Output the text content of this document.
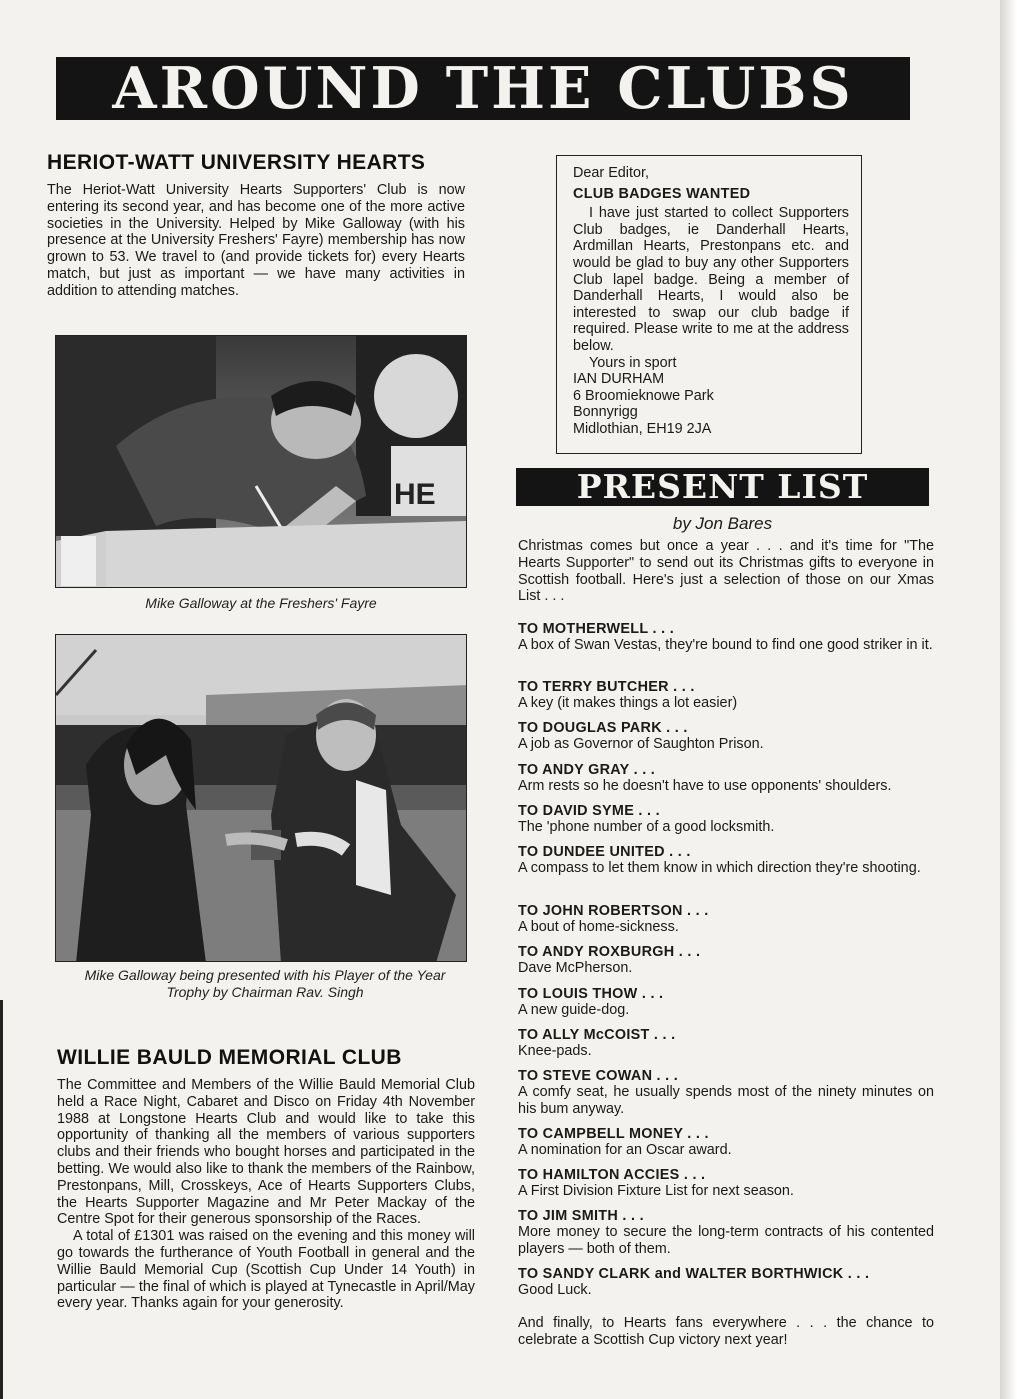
AROUND THE CLUBS
HERIOT-WATT UNIVERSITY HEARTS

The Heriot-Watt University Hearts Supporters' Club is now entering its second year, and has become one of the more active societies in the University. Helped by Mike Galloway (with his presence at the University Freshers' Fayre) membership has now grown to 53. We travel to (and provide tickets for) every Hearts match, but just as important — we have many activities in addition to attending matches.

HE
Mike Galloway at the Freshers' Fayre
Mike Galloway being presented with his Player of the Year
Trophy by Chairman Rav. Singh
WILLIE BAULD MEMORIAL CLUB

The Committee and Members of the Willie Bauld Memorial Club held a Race Night, Cabaret and Disco on Friday 4th November 1988 at Longstone Hearts Club and would like to take this opportunity of thanking all the members of various supporters clubs and their friends who bought horses and participated in the betting. We would also like to thank the members of the Rainbow, Prestonpans, Mill, Crosskeys, Ace of Hearts Supporters Clubs, the Hearts Supporter Magazine and Mr Peter Mackay of the Centre Spot for their generous sponsorship of the Races.

A total of £1301 was raised on the evening and this money will go towards the furtherance of Youth Football in general and the Willie Bauld Memorial Cup (Scottish Cup Under 14 Youth) in particular — the final of which is played at Tynecastle in April/May every year. Thanks again for your generosity.

Dear Editor,
CLUB BADGES WANTED
I have just started to collect Supporters Club badges, ie Danderhall Hearts, Ardmillan Hearts, Prestonpans etc. and would be glad to buy any other Supporters Club lapel badge. Being a member of Danderhall Hearts, I would also be interested to swap our club badge if required. Please write to me at the address below.
Yours in sport
IAN DURHAM
6 Broomieknowe Park
Bonnyrigg
Midlothian, EH19 2JA
PRESENT LIST
by Jon Bares
Christmas comes but once a year . . . and it's time for "The Hearts Supporter" to send out its Christmas gifts to everyone in Scottish football. Here's just a selection of those on our Xmas List . . .
TO MOTHERWELL . . .
A box of Swan Vestas, they're bound to find one good striker in it.
TO TERRY BUTCHER . . .
A key (it makes things a lot easier)
TO DOUGLAS PARK . . .
A job as Governor of Saughton Prison.
TO ANDY GRAY . . .
Arm rests so he doesn't have to use opponents' shoulders.
TO DAVID SYME . . .
The 'phone number of a good locksmith.
TO DUNDEE UNITED . . .
A compass to let them know in which direction they're shooting.
TO JOHN ROBERTSON . . .
A bout of home-sickness.
TO ANDY ROXBURGH . . .
Dave McPherson.
TO LOUIS THOW . . .
A new guide-dog.
TO ALLY McCOIST . . .
Knee-pads.
TO STEVE COWAN . . .
A comfy seat, he usually spends most of the ninety minutes on his bum anyway.
TO CAMPBELL MONEY . . .
A nomination for an Oscar award.
TO HAMILTON ACCIES . . .
A First Division Fixture List for next season.
TO JIM SMITH . . .
More money to secure the long-term contracts of his contented players — both of them.
TO SANDY CLARK and WALTER BORTHWICK . . .
Good Luck.
And finally, to Hearts fans everywhere . . . the chance to celebrate a Scottish Cup victory next year!
